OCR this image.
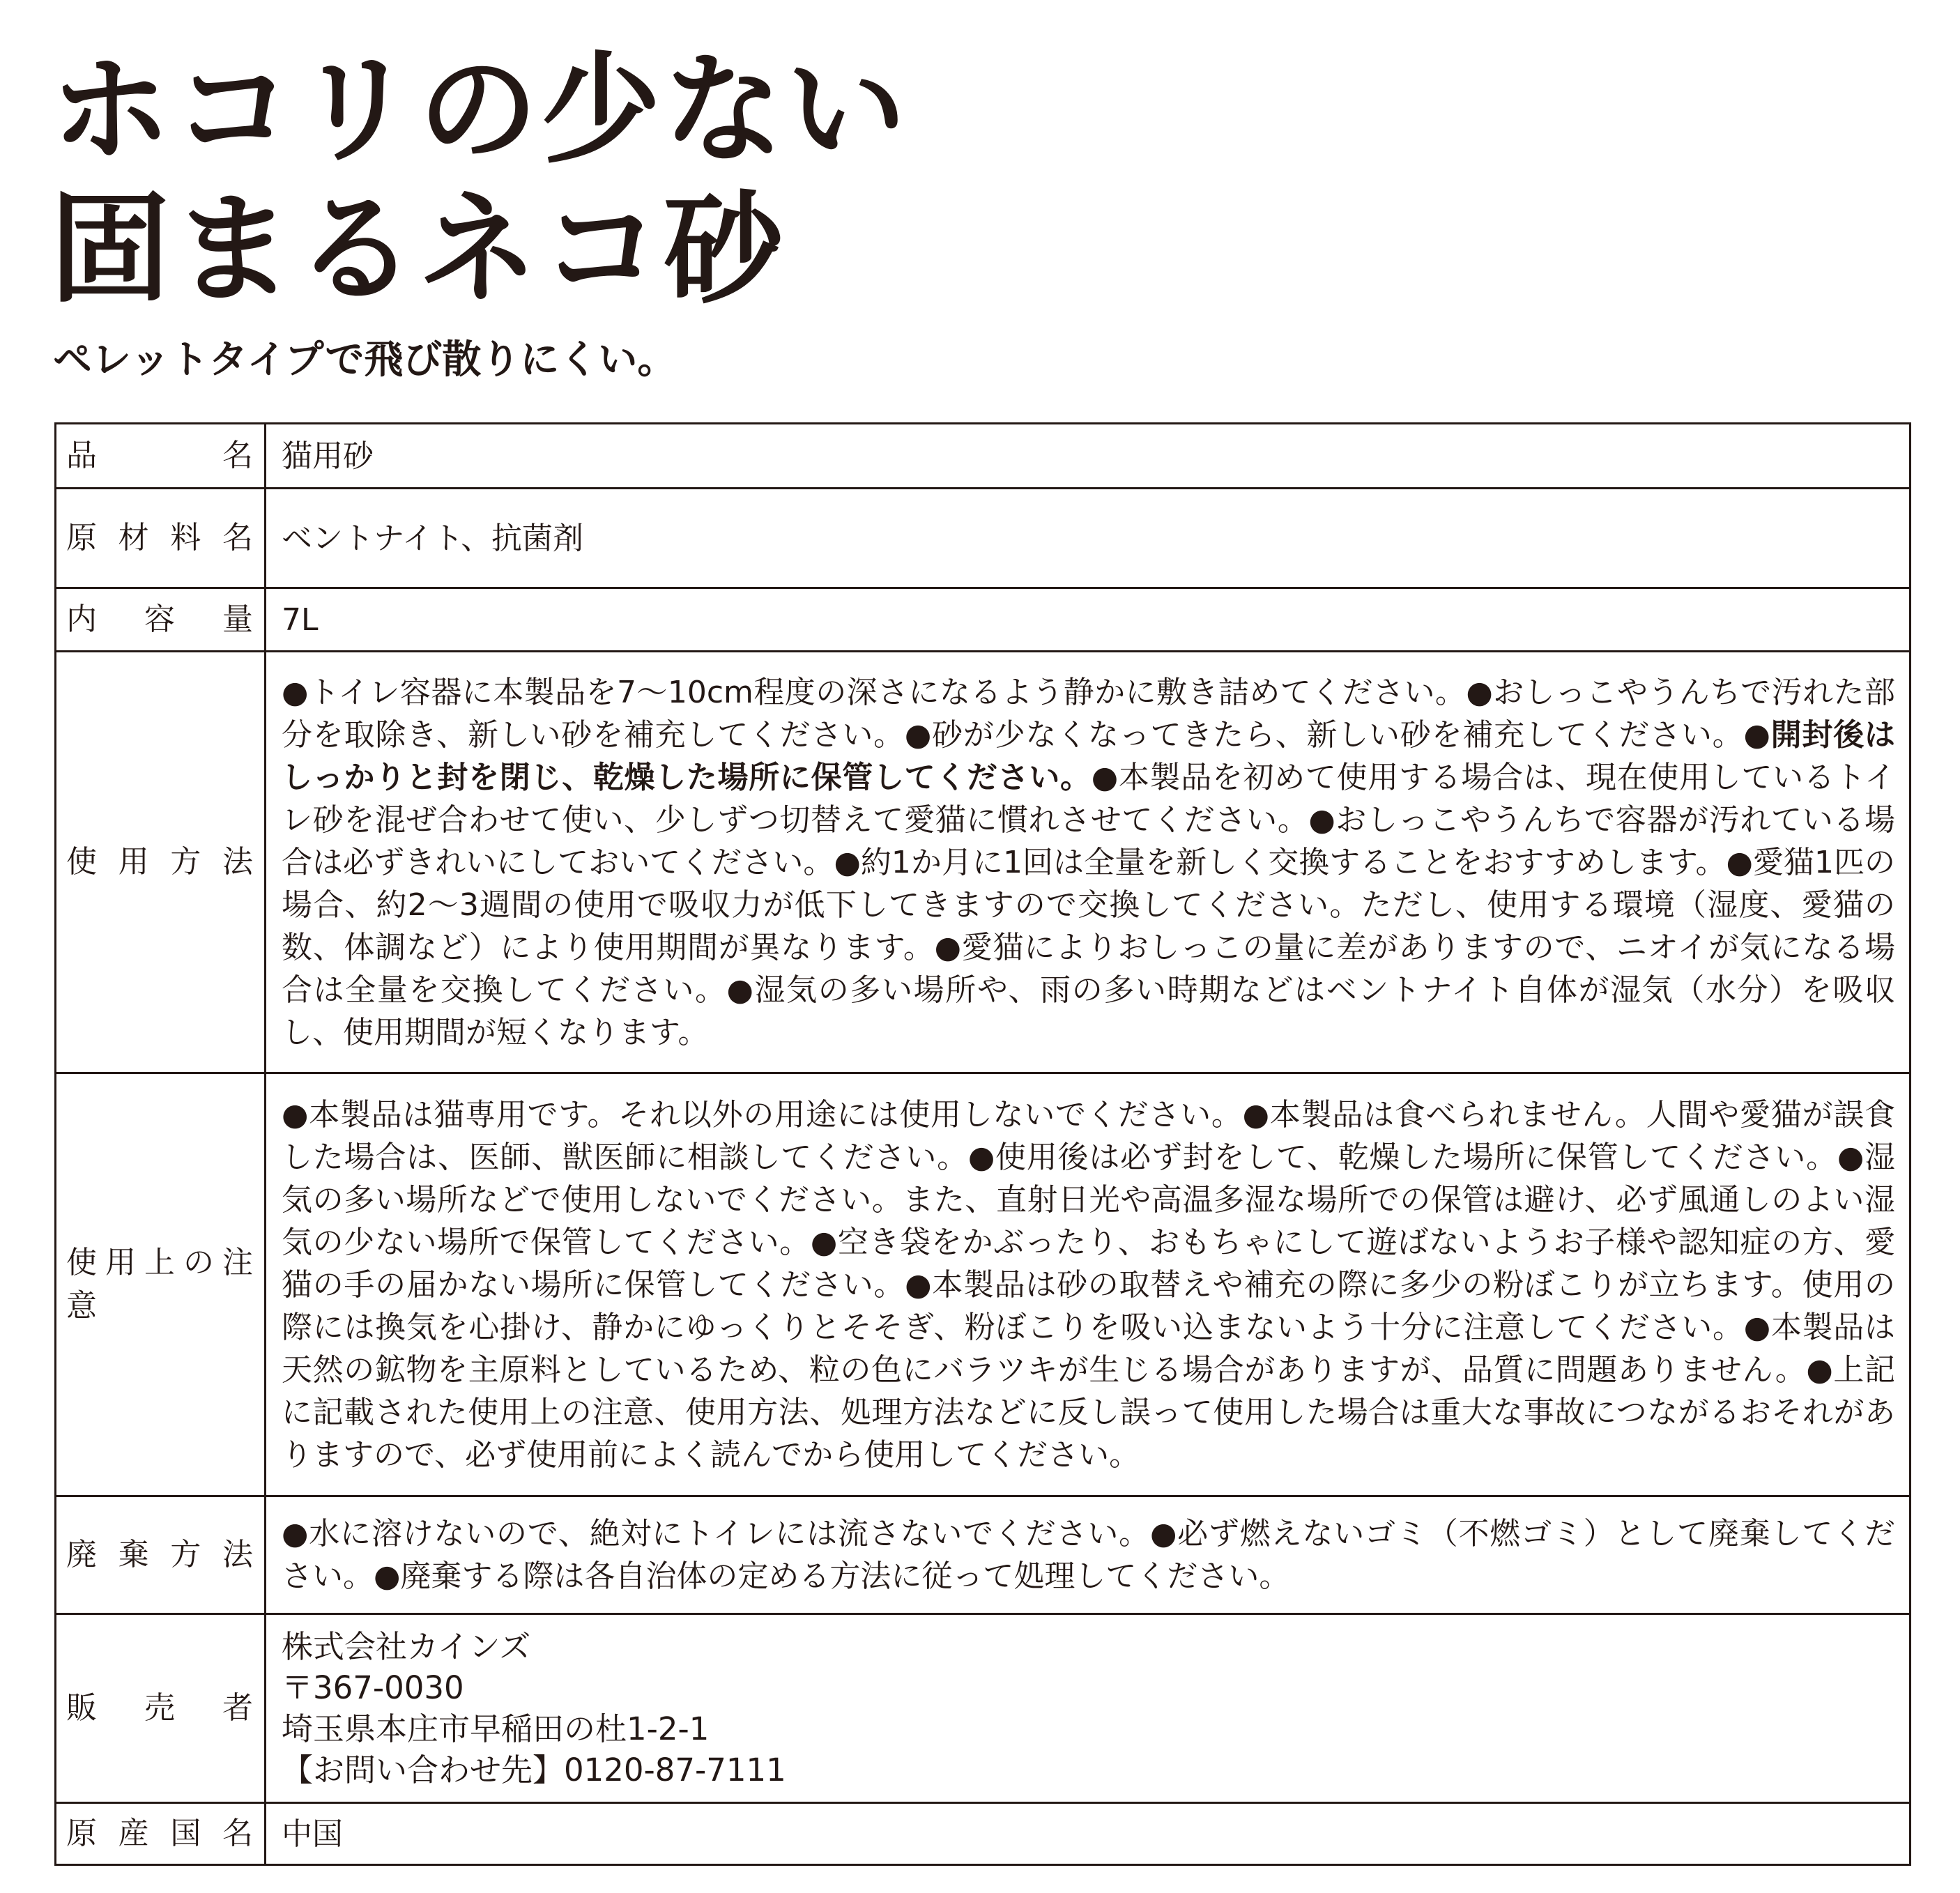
ホコリの少ない
固まるネコ砂

ペレットタイプで飛び散りにくい。

品名	猫用砂
原材料名	ベントナイト、抗菌剤
内容量	7L
使用方法	●トイレ容器に本製品を7〜10cm程度の深さになるよう静かに敷き詰めてください。●おしっこやうんちで汚れた部分を取除き、新しい砂を補充してください。●砂が少なくなってきたら、新しい砂を補充してください。●開封後はしっかりと封を閉じ、乾燥した場所に保管してください。●本製品を初めて使用する場合は、現在使用しているトイレ砂を混ぜ合わせて使い、少しずつ切替えて愛猫に慣れさせてください。●おしっこやうんちで容器が汚れている場合は必ずきれいにしておいてください。●約1か月に1回は全量を新しく交換することをおすすめします。●愛猫1匹の場合、約2〜3週間の使用で吸収力が低下してきますので交換してください。ただし、使用する環境（湿度、愛猫の数、体調など）により使用期間が異なります。●愛猫によりおしっこの量に差がありますので、ニオイが気になる場合は全量を交換してください。●湿気の多い場所や、雨の多い時期などはベントナイト自体が湿気（水分）を吸収し、使用期間が短くなります。
使用上の注意	●本製品は猫専用です。それ以外の用途には使用しないでください。●本製品は食べられません。人間や愛猫が誤食した場合は、医師、獣医師に相談してください。●使用後は必ず封をして、乾燥した場所に保管してください。●湿気の多い場所などで使用しないでください。また、直射日光や高温多湿な場所での保管は避け、必ず風通しのよい湿気の少ない場所で保管してください。●空き袋をかぶったり、おもちゃにして遊ばないようお子様や認知症の方、愛猫の手の届かない場所に保管してください。●本製品は砂の取替えや補充の際に多少の粉ぼこりが立ちます。使用の際には換気を心掛け、静かにゆっくりとそそぎ、粉ぼこりを吸い込まないよう十分に注意してください。●本製品は天然の鉱物を主原料としているため、粒の色にバラツキが生じる場合がありますが、品質に問題ありません。●上記に記載された使用上の注意、使用方法、処理方法などに反し誤って使用した場合は重大な事故につながるおそれがありますので、必ず使用前によく読んでから使用してください。
廃棄方法	●水に溶けないので、絶対にトイレには流さないでください。●必ず燃えないゴミ（不燃ゴミ）として廃棄してください。●廃棄する際は各自治体の定める方法に従って処理してください。
販売者	株式会社カインズ
〒367-0030
埼玉県本庄市早稲田の杜1-2-1
【お問い合わせ先】0120-87-7111

原産国名	中国
